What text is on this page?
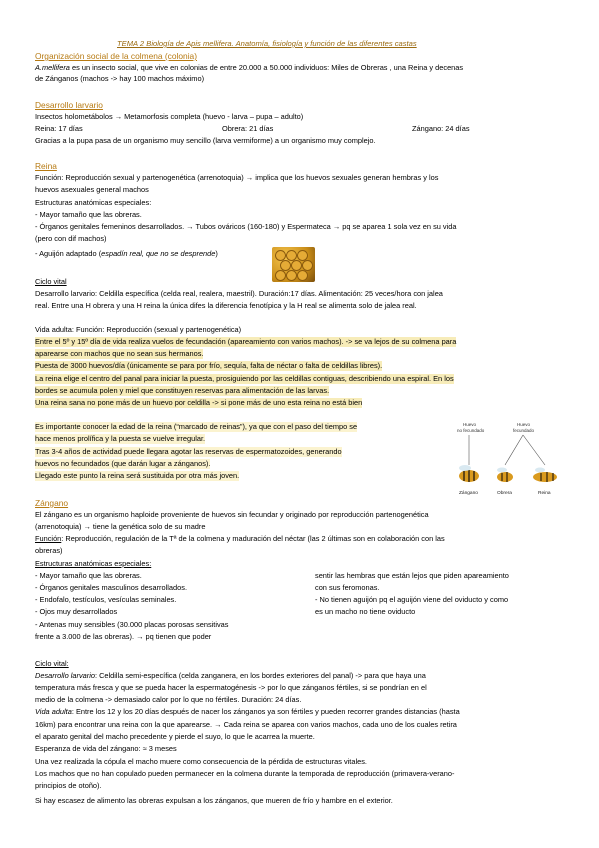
TEMA 2 Biología de Apis mellifera. Anatomía, fisiología y función de las diferentes castas
Organización social de la colmena (colonia)
A.mellifera es un insecto social, que vive en colonias de entre 20.000 a 50.000 individuos: Miles de Obreras , una Reina y decenas
de Zánganos (machos -> hay 100 machos máximo)
Desarrollo larvario
Insectos holometábolos → Metamorfosis completa (huevo - larva – pupa – adulto)
Reina: 17 días	Obrera: 21 días	Zángano: 24 días
Gracias a la pupa pasa de un organismo muy sencillo (larva vermiforme) a un organismo muy complejo.
Reina
Función: Reproducción sexual y partenogenética (arrenotoquia) → implica que los huevos sexuales generan hembras y los
huevos asexuales general machos
Estructuras anatómicas especiales:
- Mayor tamaño que las obreras.
- Órganos genitales femeninos desarrollados. → Tubos ováricos (160-180) y Espermateca → pq se aparea 1 sola vez en su vida
(pero con dif machos)
- Aguijón adaptado (espadín real, que no se desprende)
Ciclo vital
Desarrollo larvario: Celdilla específica (celda real, realera, maestril). Duración:17 días. Alimentación: 25 veces/hora con jalea
real. Entre una H obrera y una H reina la única difes la diferencia fenotípica y la H real se alimenta solo de jalea real.
Vida adulta: Función: Reproducción (sexual y partenogenética)
Entre el 5º y 15º día de vida realiza vuelos de fecundación (apareamiento con varios machos). -> se va lejos de su colmena para
aparearse con machos que no sean sus hermanos.
Puesta de 3000 huevos/día (únicamente se para por frío, sequía, falta de néctar o falta de celdillas libres).
La reina elige el centro del panal para iniciar la puesta, prosiguiendo por las celdillas contiguas, describiendo una espiral. En los
bordes se acumula polen y miel que constituyen reservas para alimentación de las larvas.
Una reina sana no pone más de un huevo por celdilla -> si pone más de uno esta reina no está bien
Es importante conocer la edad de la reina (“marcado de reinas”), ya que con el paso del tiempo se
hace menos prolífica y la puesta se vuelve irregular.
Tras 3-4 años de actividad puede llegara agotar las reservas de espermatozoides, generando
huevos no fecundados (que darán lugar a zánganos).
Llegado este punto la reina será sustituida por otra más joven.
Huevo
no fecundado
Huevo
fecundado
Zángano	Obrera	Reina
Zángano
El zángano es un organismo haploide proveniente de huevos sin fecundar y originado por reproducción partenogenética
(arrenotoquia) → tiene la genética solo de su madre
Función: Reproducción, regulación de la Tª de la colmena y maduración del néctar (las 2 últimas son en colaboración con las
obreras)
Estructuras anatómicas especiales:
- Mayor tamaño que las obreras.
- Órganos genitales masculinos desarrollados.
- Endofalo, testículos, vesículas seminales.
- Ojos muy desarrollados
- Antenas muy sensibles (30.000 placas porosas sensitivas
frente a 3.000 de las obreras). → pq tienen que poder
sentir las hembras que están lejos que piden apareamiento
con sus feromonas.
- No tienen aguijón pq el aguijón viene del oviducto y como
es un macho no tiene oviducto
Ciclo vital:
Desarrollo larvario: Celdilla semi-específica (celda zanganera, en los bordes exteriores del panal) -> para que haya una
temperatura más fresca y que se pueda hacer la espermatogénesis -> por lo que zánganos fértiles, si se pondrían en el
medio de la colmena -> demasiado calor por lo que no fértiles. Duración: 24 días.
Vida adulta: Entre los 12 y los 20 días después de nacer los zánganos ya son fértiles y pueden recorrer grandes distancias (hasta
16km) para encontrar una reina con la que aparearse. → Cada reina se aparea con varios machos, cada uno de los cuales retira
el aparato genital del macho precedente y pierde el suyo, lo que le acarrea la muerte.
Esperanza de vida del zángano: ≈ 3 meses
Una vez realizada la cópula el macho muere como consecuencia de la pérdida de estructuras vitales.
Los machos que no han copulado pueden permanecer en la colmena durante la temporada de reproducción (primavera-verano-
principios de otoño).
Si hay escasez de alimento las obreras expulsan a los zánganos, que mueren de frío y hambre en el exterior.
